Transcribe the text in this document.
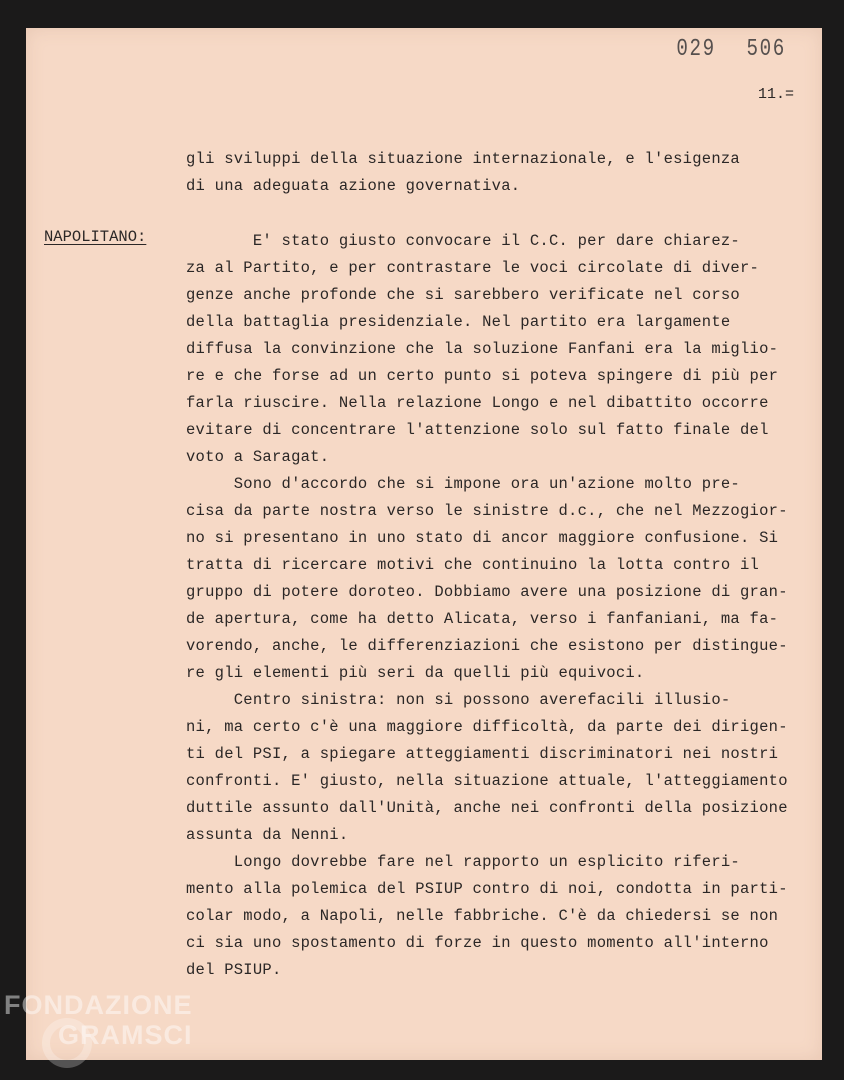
029 506
11.=
NAPOLITANO:
gli sviluppi della situazione internazionale, e l'esigenza
di una adeguata azione governativa.
E' stato giusto convocare il C.C. per dare chiarez-
za al Partito, e per contrastare le voci circolate di diver-
genze anche profonde che si sarebbero verificate nel corso
della battaglia presidenziale. Nel partito era largamente
diffusa la convinzione che la soluzione Fanfani era la miglio-
re e che forse ad un certo punto si poteva spingere di più per
farla riuscire. Nella relazione Longo e nel dibattito occorre
evitare di concentrare l'attenzione solo sul fatto finale del
voto a Saragat.
Sono d'accordo che si impone ora un'azione molto pre-
cisa da parte nostra verso le sinistre d.c., che nel Mezzogior-
no si presentano in uno stato di ancor maggiore confusione. Si
tratta di ricercare motivi che continuino la lotta contro il
gruppo di potere doroteo. Dobbiamo avere una posizione di gran-
de apertura, come ha detto Alicata, verso i fanfaniani, ma fa-
vorendo, anche, le differenziazioni che esistono per distingue-
re gli elementi più seri da quelli più equivoci.
Centro sinistra: non si possono averefacili illusio-
ni, ma certo c'è una maggiore difficoltà, da parte dei dirigen-
ti del PSI, a spiegare atteggiamenti discriminatori nei nostri
confronti. E' giusto, nella situazione attuale, l'atteggiamento
duttile assunto dall'Unità, anche nei confronti della posizione
assunta da Nenni.
Longo dovrebbe fare nel rapporto un esplicito riferi-
mento alla polemica del PSIUP contro di noi, condotta in parti-
colar modo, a Napoli, nelle fabbriche. C'è da chiedersi se non
ci sia uno spostamento di forze in questo momento all'interno
del PSIUP.
FONDAZIONE
GRAMSCI
